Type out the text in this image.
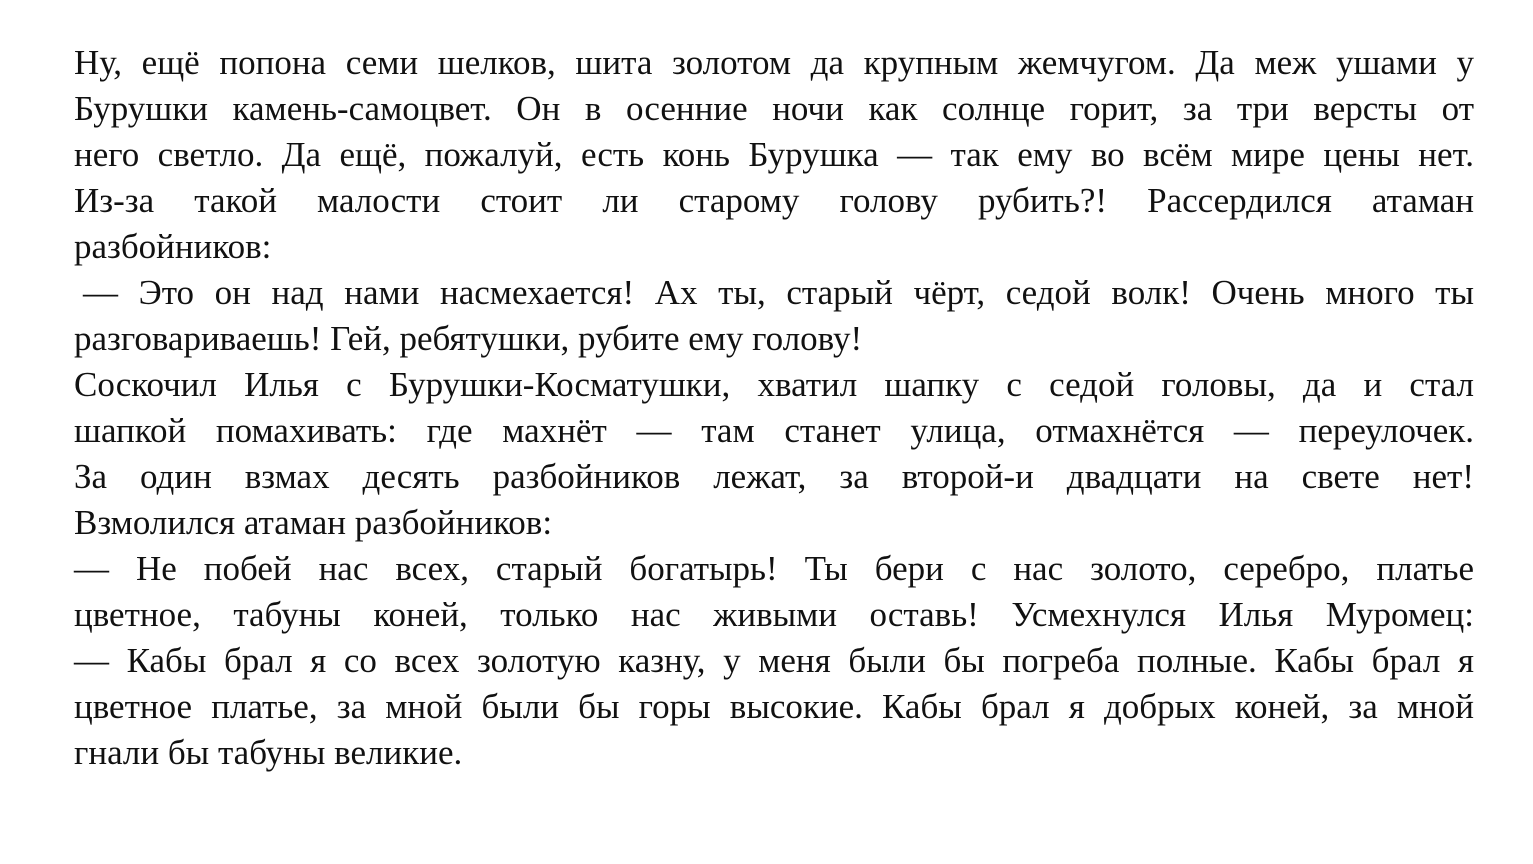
Ну, ещё попона семи шелков, шита золотом да крупным жемчугом. Да меж ушами у
Бурушки камень-самоцвет. Он в осенние ночи как солнце горит, за три версты от
него светло. Да ещё, пожалуй, есть конь Бурушка — так ему во всём мире цены нет.
Из-за такой малости стоит ли старому голову рубить?! Рассердился атаман
разбойников:
— Это он над нами насмехается! Ах ты, старый чёрт, седой волк! Очень много ты
разговариваешь! Гей, ребятушки, рубите ему голову!
Соскочил Илья с Бурушки-Косматушки, хватил шапку с седой головы, да и стал
шапкой помахивать: где махнёт — там станет улица, отмахнётся — переулочек.
За один взмах десять разбойников лежат, за второй-и двадцати на свете нет!
Взмолился атаман разбойников:
— Не побей нас всех, старый богатырь! Ты бери с нас золото, серебро, платье
цветное, табуны коней, только нас живыми оставь! Усмехнулся Илья Муромец:
— Кабы брал я со всех золотую казну, у меня были бы погреба полные. Кабы брал я
цветное платье, за мной были бы горы высокие. Кабы брал я добрых коней, за мной
гнали бы табуны великие.
